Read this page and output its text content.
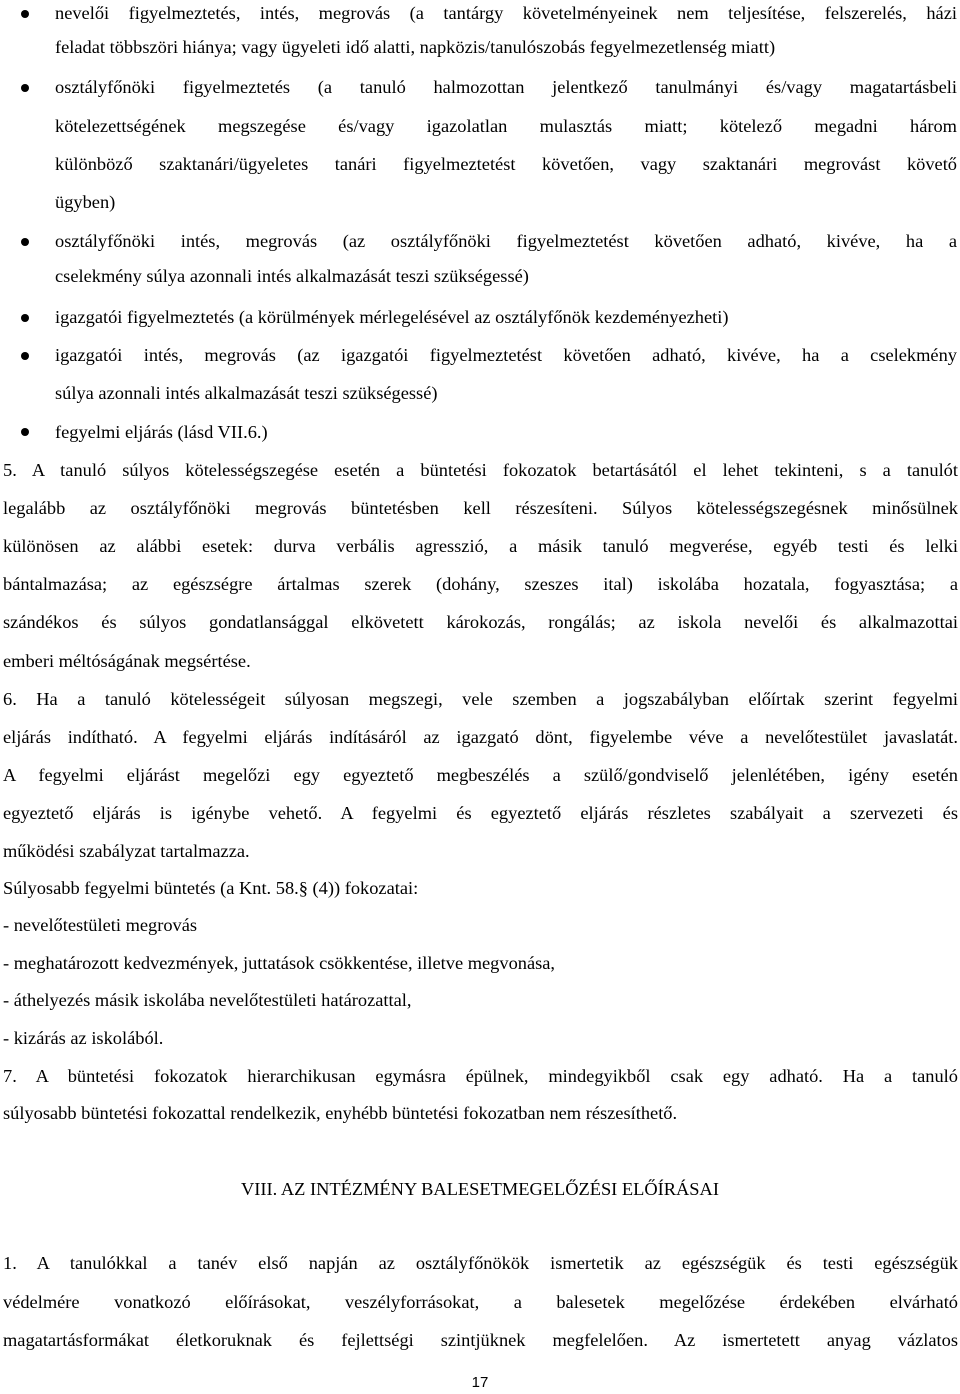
nevelői figyelmeztetés, intés, megrovás (a tantárgy követelményeinek nem teljesítése, felszerelés, házi
feladat többszöri hiánya; vagy ügyeleti idő alatti, napközis/tanulószobás fegyelmezetlenség miatt)
osztályfőnöki figyelmeztetés (a tanuló halmozottan jelentkező tanulmányi és/vagy magatartásbeli
kötelezettségének megszegése és/vagy igazolatlan mulasztás miatt; kötelező megadni három
különböző szaktanári/ügyeletes tanári figyelmeztetést követően, vagy szaktanári megrovást követő
ügyben)
osztályfőnöki intés, megrovás (az osztályfőnöki figyelmeztetést követően adható, kivéve, ha a
cselekmény súlya azonnali intés alkalmazását teszi szükségessé)
igazgatói figyelmeztetés (a körülmények mérlegelésével az osztályfőnök kezdeményezheti)
igazgatói intés, megrovás (az igazgatói figyelmeztetést követően adható, kivéve, ha a cselekmény
súlya azonnali intés alkalmazását teszi szükségessé)
fegyelmi eljárás (lásd VII.6.)
5. A tanuló súlyos kötelességszegése esetén a büntetési fokozatok betartásától el lehet tekinteni, s a tanulót
legalább az osztályfőnöki megrovás büntetésben kell részesíteni. Súlyos kötelességszegésnek minősülnek
különösen az alábbi esetek: durva verbális agresszió, a másik tanuló megverése, egyéb testi és lelki
bántalmazása; az egészségre ártalmas szerek (dohány, szeszes ital) iskolába hozatala, fogyasztása; a
szándékos és súlyos gondatlansággal elkövetett károkozás, rongálás; az iskola nevelői és alkalmazottai
emberi méltóságának megsértése.
6. Ha a tanuló kötelességeit súlyosan megszegi, vele szemben a jogszabályban előírtak szerint fegyelmi
eljárás indítható. A fegyelmi eljárás indításáról az igazgató dönt, figyelembe véve a nevelőtestület javaslatát.
A fegyelmi eljárást megelőzi egy egyeztető megbeszélés a szülő/gondviselő jelenlétében, igény esetén
egyeztető eljárás is igénybe vehető. A fegyelmi és egyeztető eljárás részletes szabályait a szervezeti és
működési szabályzat tartalmazza.
Súlyosabb fegyelmi büntetés (a Knt. 58.§ (4)) fokozatai:
- nevelőtestületi megrovás
- meghatározott kedvezmények, juttatások csökkentése, illetve megvonása,
- áthelyezés másik iskolába nevelőtestületi határozattal,
- kizárás az iskolából.
7. A büntetési fokozatok hierarchikusan egymásra épülnek, mindegyikből csak egy adható. Ha a tanuló
súlyosabb büntetési fokozattal rendelkezik, enyhébb büntetési fokozatban nem részesíthető.
VIII. AZ INTÉZMÉNY BALESETMEGELŐZÉSI ELŐÍRÁSAI
1. A tanulókkal a tanév első napján az osztályfőnökök ismertetik az egészségük és testi egészségük
védelmére vonatkozó előírásokat, veszélyforrásokat, a balesetek megelőzése érdekében elvárható
magatartásformákat életkoruknak és fejlettségi szintjüknek megfelelően. Az ismertetett anyag vázlatos
17
